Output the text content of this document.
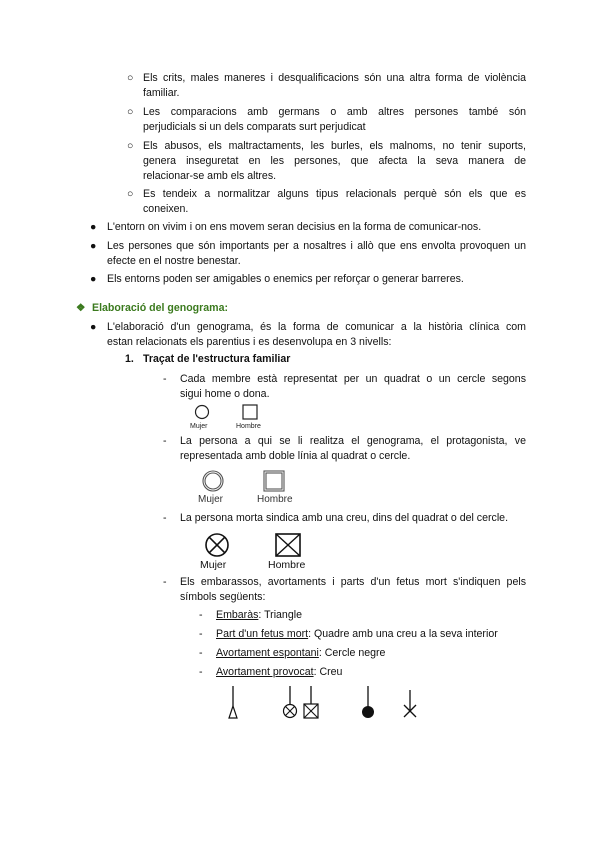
○ Els crits, males maneres i desqualificacions són una altra forma de violència
familiar.
○ Les comparacions amb germans o amb altres persones també són
perjudicials si un dels comparats surt perjudicat
○ Els abusos, els maltractaments, les burles, els malnoms, no tenir suports,
genera inseguretat en les persones, que afecta la seva manera de
relacionar-se amb els altres.
○ Es tendeix a normalitzar alguns tipus relacionals perquè són els que es
coneixen.
● L'entorn on vivim i on ens movem seran decisius en la forma de comunicar-nos.
● Les persones que són importants per a nosaltres i allò que ens envolta provoquen un
efecte en el nostre benestar.
● Els entorns poden ser amigables o enemics per reforçar o generar barreres.
❖ Elaboració del genograma:
● L'elaboració d'un genograma, és la forma de comunicar a la història clínica com
estan relacionats els parentius i es desenvolupa en 3 nivells:
1. Traçat de l'estructura familiar
- Cada membre està representat per un quadrat o un cercle segons
sigui home o dona.
Mujer	Hombre
- La persona a qui se li realitza el genograma, el protagonista, ve
representada amb doble línia al quadrat o cercle.
Mujer	Hombre
- La persona morta sindica amb una creu, dins del quadrat o del cercle.
Mujer	Hombre
- Els embarassos, avortaments i parts d'un fetus mort s'indiquen pels
símbols següents:
- Embaràs: Triangle
- Part d'un fetus mort: Quadre amb una creu a la seva interior
- Avortament espontani: Cercle negre
- Avortament provocat: Creu
